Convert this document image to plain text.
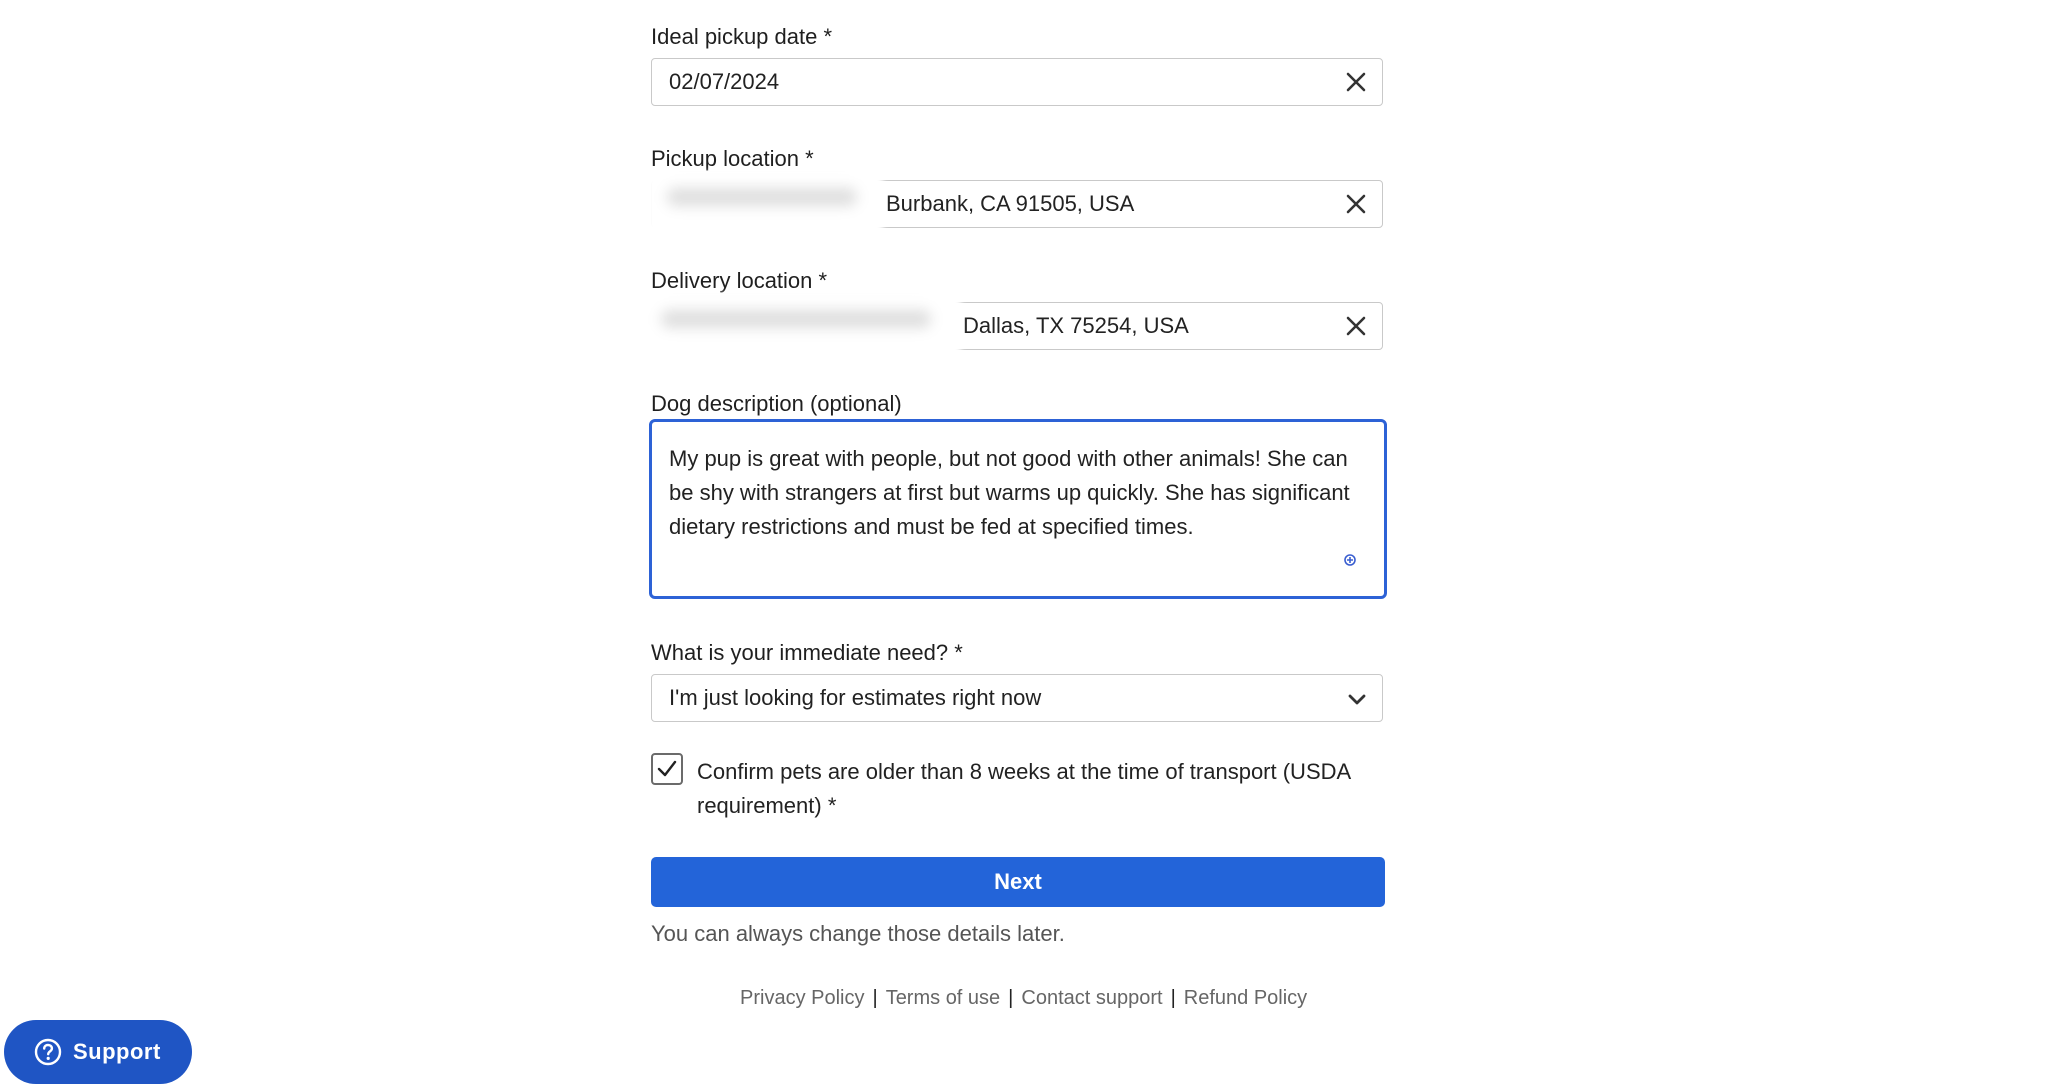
Ideal pickup date *
02/07/2024
Pickup location *
Burbank, CA 91505, USA
Delivery location *
Dallas, TX 75254, USA
Dog description (optional)
My pup is great with people, but not good with other animals! She can be shy with strangers at first but warms up quickly. She has significant dietary restrictions and must be fed at specified times.
What is your immediate need? *
I'm just looking for estimates right now
Confirm pets are older than 8 weeks at the time of transport (USDA requirement) *
Next
You can always change those details later.
Privacy Policy | Terms of use | Contact support | Refund Policy
Support
